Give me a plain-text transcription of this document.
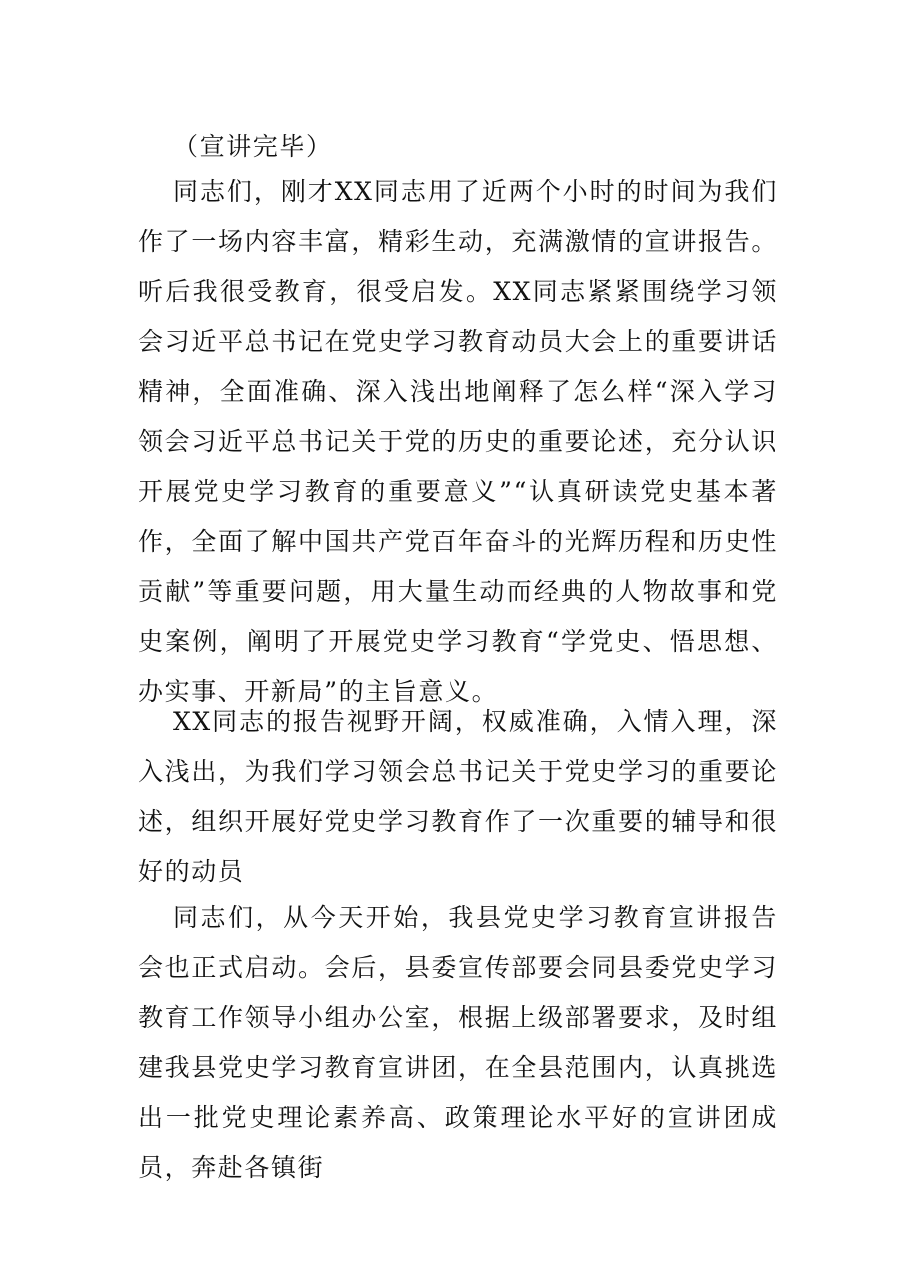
（宣讲完毕）

同志们，刚才XX同志用了近两个小时的时间为我们作了一场内容丰富，精彩生动，充满激情的宣讲报告。听后我很受教育，很受启发。XX同志紧紧围绕学习领会习近平总书记在党史学习教育动员大会上的重要讲话精神，全面准确、深入浅出地阐释了怎么样“深入学习领会习近平总书记关于党的历史的重要论述，充分认识开展党史学习教育的重要意义”“认真研读党史基本著作，全面了解中国共产党百年奋斗的光辉历程和历史性贡献”等重要问题，用大量生动而经典的人物故事和党史案例，阐明了开展党史学习教育“学党史、悟思想、办实事、开新局”的主旨意义。

XX同志的报告视野开阔，权威准确，入情入理，深入浅出，为我们学习领会总书记关于党史学习的重要论述，组织开展好党史学习教育作了一次重要的辅导和很好的动员

同志们，从今天开始，我县党史学习教育宣讲报告会也正式启动。会后，县委宣传部要会同县委党史学习教育工作领导小组办公室，根据上级部署要求，及时组建我县党史学习教育宣讲团，在全县范围内，认真挑选出一批党史理论素养高、政策理论水平好的宣讲团成员，奔赴各镇街
